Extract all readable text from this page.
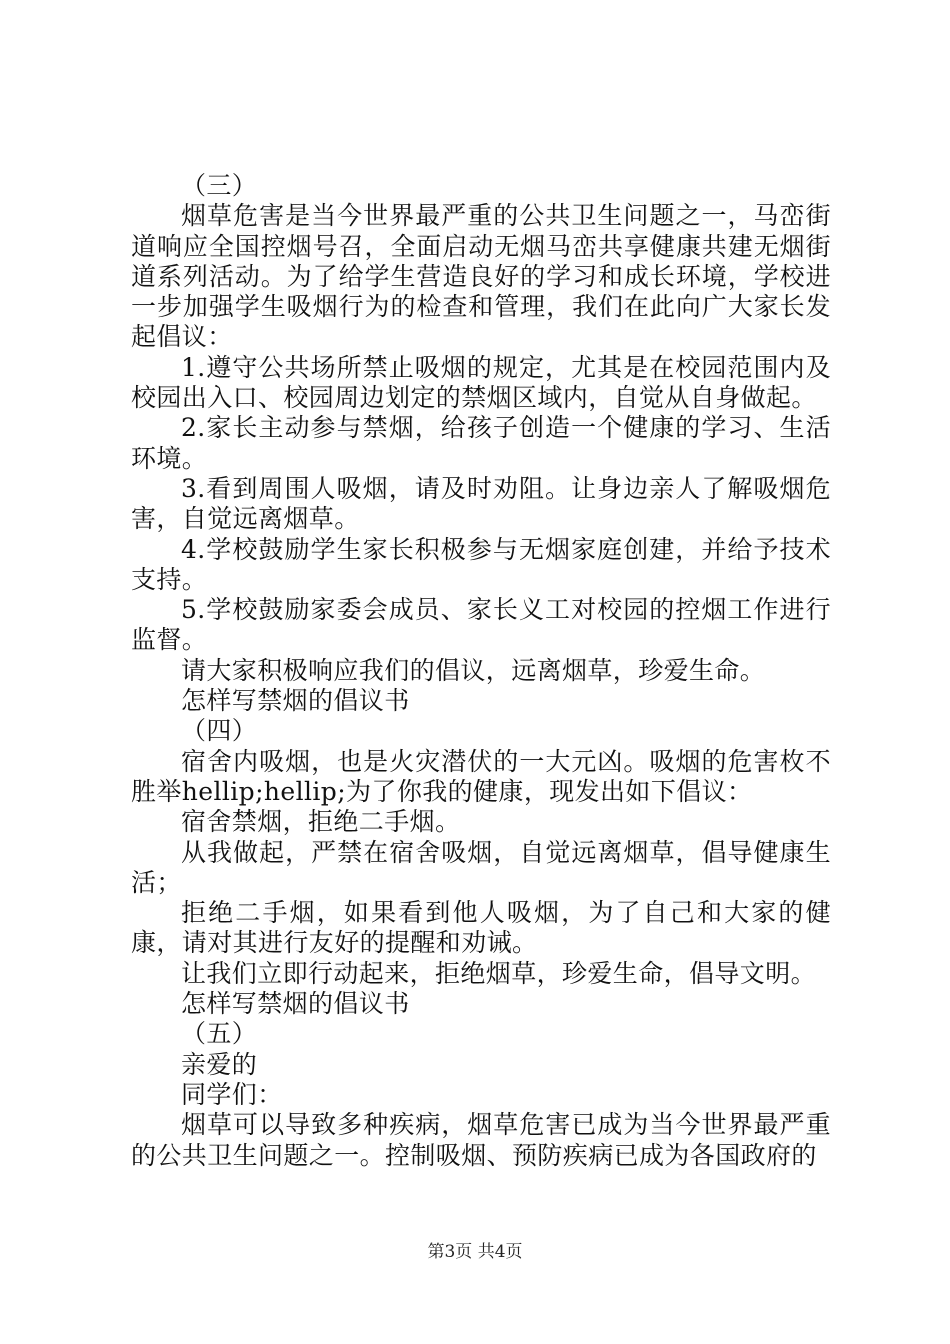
（三）

烟草危害是当今世界最严重的公共卫生问题之一，马峦街道响应全国控烟号召，全面启动无烟马峦共享健康共建无烟街道系列活动。为了给学生营造良好的学习和成长环境，学校进一步加强学生吸烟行为的检查和管理，我们在此向广大家长发起倡议：

1.遵守公共场所禁止吸烟的规定，尤其是在校园范围内及校园出入口、校园周边划定的禁烟区域内，自觉从自身做起。

2.家长主动参与禁烟，给孩子创造一个健康的学习、生活环境。

3.看到周围人吸烟，请及时劝阻。让身边亲人了解吸烟危害，自觉远离烟草。

4.学校鼓励学生家长积极参与无烟家庭创建，并给予技术支持。

5.学校鼓励家委会成员、家长义工对校园的控烟工作进行监督。

请大家积极响应我们的倡议，远离烟草，珍爱生命。

怎样写禁烟的倡议书

（四）

宿舍内吸烟，也是火灾潜伏的一大元凶。吸烟的危害枚不胜举hellip;hellip;为了你我的健康，现发出如下倡议：

宿舍禁烟，拒绝二手烟。

从我做起，严禁在宿舍吸烟，自觉远离烟草，倡导健康生活；

拒绝二手烟，如果看到他人吸烟，为了自己和大家的健康，请对其进行友好的提醒和劝诫。

让我们立即行动起来，拒绝烟草，珍爱生命，倡导文明。

怎样写禁烟的倡议书

（五）

亲爱的

同学们：

烟草可以导致多种疾病，烟草危害已成为当今世界最严重的公共卫生问题之一。控制吸烟、预防疾病已成为各国政府的

第3页 共4页
